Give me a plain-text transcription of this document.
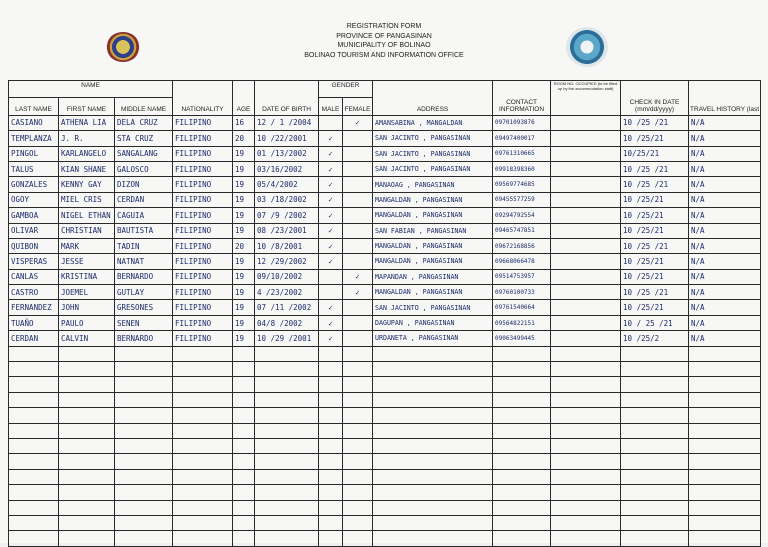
REGISTRATION FORM
PROVINCE OF PANGASINAN
MUNICIPALITY OF BOLINAO
BOLINAO TOURISM AND INFORMATION OFFICE
NAME			NATIONALITY	AGE	DATE OF BIRTH	GENDER		ADDRESS	CONTACT INFORMATION	ROOM NO. OCCUPIED (to be filled up by the accommodation staff)	CHECK IN DATE (mm/dd/yyyy)	TRAVEL HISTORY (last
LAST NAME	FIRST NAME	MIDDLE NAME				MALE	FEMALE					
CASIANO	ATHENA LIA	DELA CRUZ	FILIPINO	16	12 / 1 /2004		✓	AMANSABINA , MANGALDAN	09701093876		10 /25 /21	N/A
TEMPLANZA	J. R.	STA CRUZ	FILIPINO	20	10 /22/2001	✓		SAN JACINTO , PANGASINAN	09497400017		10 /25/21	N/A
PINGOL	KARLANGELO	SANGALANG	FILIPINO	19	01 /13/2002	✓		SAN JACINTO , PANGASINAN	09761310665		10/25/21	N/A
TALUS	KIAN SHANE	GALOSCO	FILIPINO	19	03/16/2002	✓		SAN JACINTO , PANGASINAN	09918398360		10 /25 /21	N/A
GONZALES	KENNY GAY	DIZON	FILIPINO	19	05/4/2002	✓		MANAOAG , PANGASINAN	09569774685		10 /25 /21	N/A
OGOY	MIEL CRIS	CERDAN	FILIPINO	19	03 /18/2002	✓		MANGALDAN , PANGASINAN	09455577259		10 /25/21	N/A
GAMBOA	NIGEL ETHAN	CAGUIA	FILIPINO	19	07 /9 /2002	✓		MANGALDAN , PANGASINAN	09294792554		10 /25/21	N/A
OLIVAR	CHRISTIAN	BAUTISTA	FILIPINO	19	08 /23/2001	✓		SAN FABIAN , PANGASINAN	09465747851		10 /25/21	N/A
QUIBON	MARK	TADIN	FILIPINO	20	10 /8/2001	✓		MANGALDAN , PANGASINAN	09672168856		10 /25 /21	N/A
VISPERAS	JESSE	NATNAT	FILIPINO	19	12 /29/2002	✓		MANGALDAN , PANGASINAN	09668066478		10 /25/21	N/A
CANLAS	KRISTINA	BERNARDO	FILIPINO	19	09/10/2002		✓	MAPANDAN , PANGASINAN	09514753957		10 /25/21	N/A
CASTRO	JOEMEL	GUTLAY	FILIPINO	19	4 /23/2002		✓	MANGALDAN , PANGASINAN	09760100733		10 /25 /21	N/A
FERNANDEZ	JOHN	GRESONES	FILIPINO	19	07 /11 /2002	✓		SAN JACINTO , PANGASINAN	09761540664		10 /25/21	N/A
TUAÑO	PAULO	SENEN	FILIPINO	19	04/8 /2002	✓		DAGUPAN , PANGASINAN	09564822151		10 / 25 /21	N/A
CERDAN	CALVIN	BERNARDO	FILIPINO	19	10 /29 /2001	✓		URDANETA , PANGASINAN	09063499445		10 /25/2	N/A
